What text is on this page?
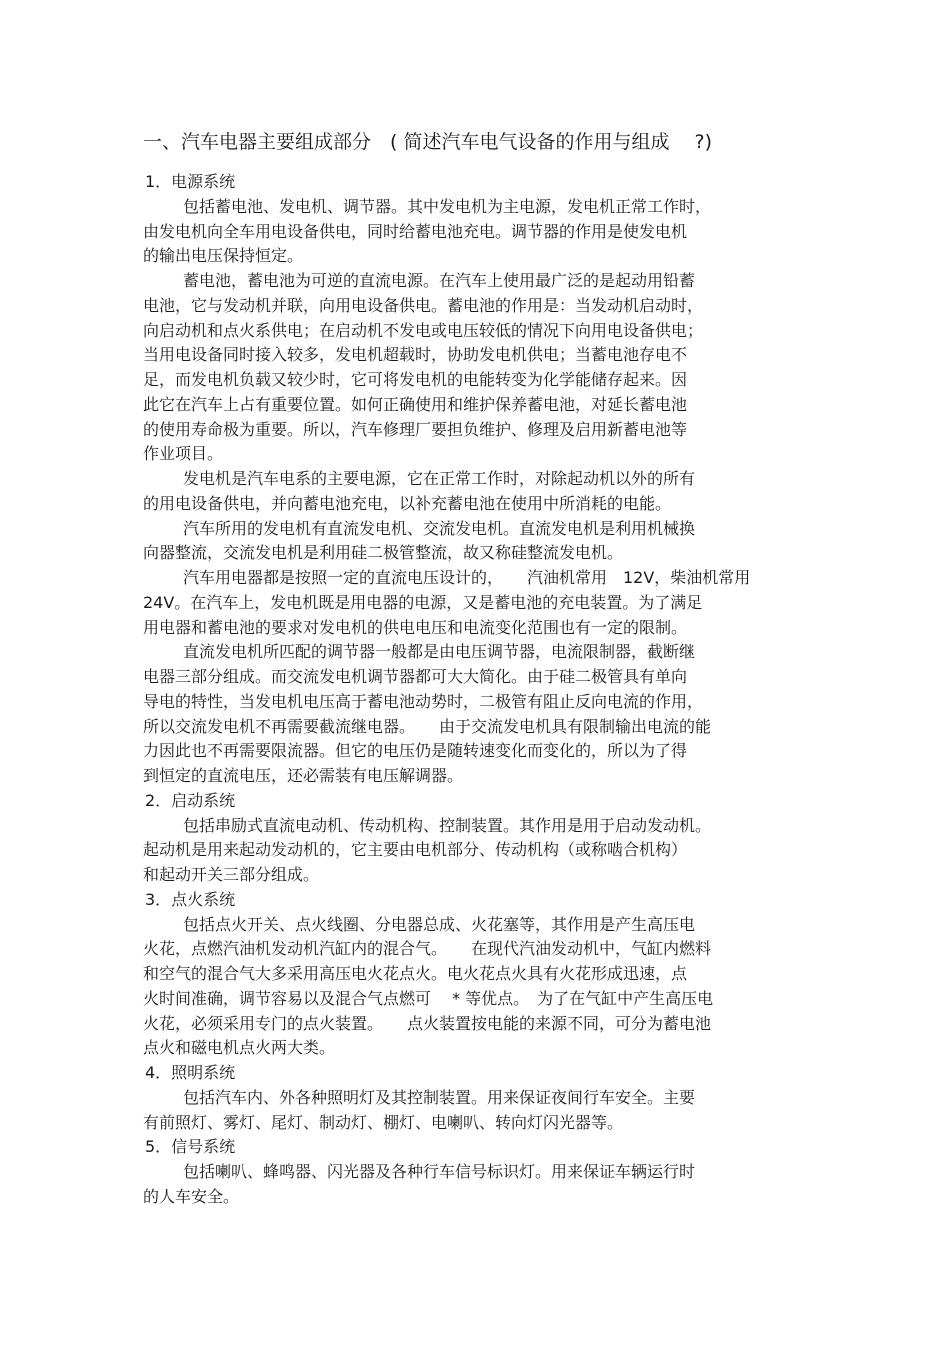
一、汽车电器主要组成部分　( 简述汽车电气设备的作用与组成　 ?)
1．电源系统
包括蓄电池、发电机、调节器。其中发电机为主电源，发电机正常工作时，
由发电机向全车用电设备供电，同时给蓄电池充电。调节器的作用是使发电机
的输出电压保持恒定。
蓄电池，蓄电池为可逆的直流电源。在汽车上使用最广泛的是起动用铅蓄
电池，它与发动机并联，向用电设备供电。蓄电池的作用是：当发动机启动时，
向启动机和点火系供电；在启动机不发电或电压较低的情况下向用电设备供电；
当用电设备同时接入较多，发电机超载时，协助发电机供电；当蓄电池存电不
足，而发电机负载又较少时，它可将发电机的电能转变为化学能储存起来。因
此它在汽车上占有重要位置。如何正确使用和维护保养蓄电池，对延长蓄电池
的使用寿命极为重要。所以，汽车修理厂要担负维护、修理及启用新蓄电池等
作业项目。
发电机是汽车电系的主要电源，它在正常工作时，对除起动机以外的所有
的用电设备供电，并向蓄电池充电，以补充蓄电池在使用中所消耗的电能。
汽车所用的发电机有直流发电机、交流发电机。直流发电机是利用机械换
向器整流，交流发电机是利用硅二极管整流，故又称硅整流发电机。
汽车用电器都是按照一定的直流电压设计的，　　汽油机常用　12V，柴油机常用
24V。在汽车上，发电机既是用电器的电源，又是蓄电池的充电装置。为了满足
用电器和蓄电池的要求对发电机的供电电压和电流变化范围也有一定的限制。
直流发电机所匹配的调节器一般都是由电压调节器，电流限制器，截断继
电器三部分组成。而交流发电机调节器都可大大简化。由于硅二极管具有单向
导电的特性，当发电机电压高于蓄电池动势时，二极管有阻止反向电流的作用，
所以交流发电机不再需要截流继电器。　　由于交流发电机具有限制输出电流的能
力因此也不再需要限流器。但它的电压仍是随转速变化而变化的，所以为了得
到恒定的直流电压，还必需装有电压解调器。
2．启动系统
包括串励式直流电动机、传动机构、控制装置。其作用是用于启动发动机。
起动机是用来起动发动机的，它主要由电机部分、传动机构（或称啮合机构）
和起动开关三部分组成。
3．点火系统
包括点火开关、点火线圈、分电器总成、火花塞等，其作用是产生高压电
火花，点燃汽油机发动机汽缸内的混合气。　　在现代汽油发动机中，气缸内燃料
和空气的混合气大多采用高压电火花点火。电火花点火具有火花形成迅速，点
火时间准确，调节容易以及混合气点燃可　 * 等优点。　为了在气缸中产生高压电
火花，必须采用专门的点火装置。　　点火装置按电能的来源不同，可分为蓄电池
点火和磁电机点火两大类。
4．照明系统
包括汽车内、外各种照明灯及其控制装置。用来保证夜间行车安全。主要
有前照灯、雾灯、尾灯、制动灯、棚灯、电喇叭、转向灯闪光器等。
5．信号系统
包括喇叭、蜂鸣器、闪光器及各种行车信号标识灯。用来保证车辆运行时
的人车安全。
